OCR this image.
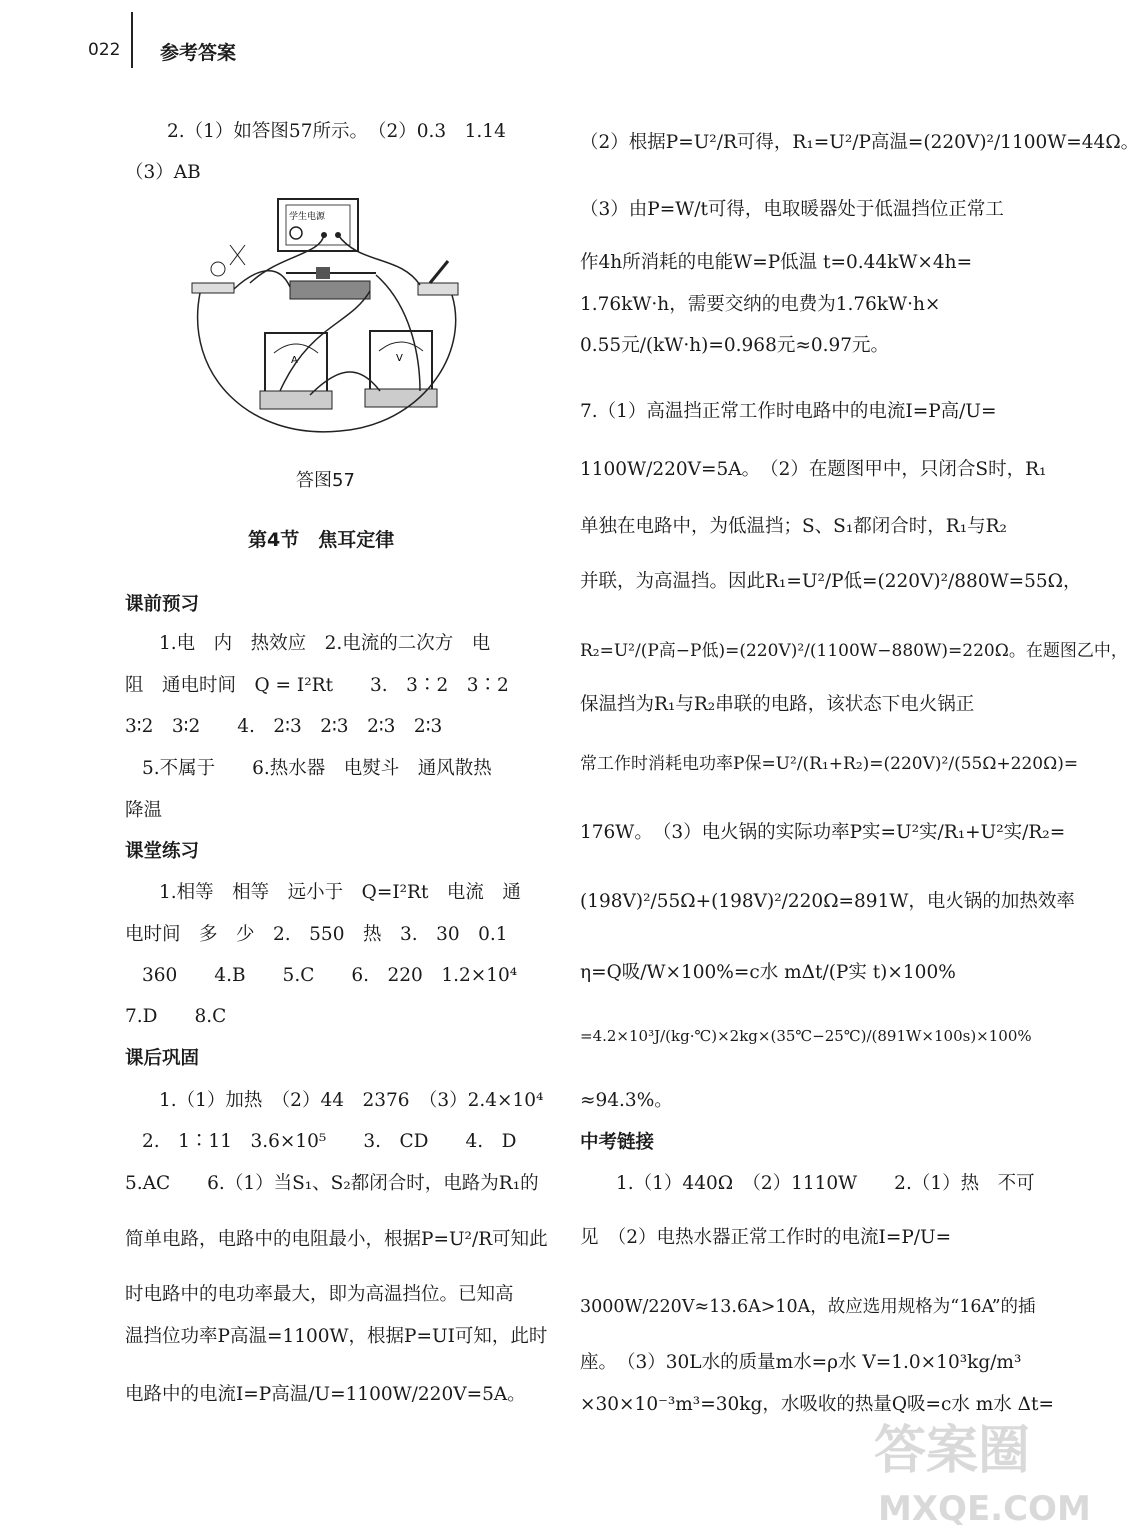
022 参考答案
2.（1）如答图57所示。　（2）0.3　1.14
（3）AB
课前预习
1.电　内　热效应　2.电流的二次方　电
阻　通电时间　Q = I²Rt　　3.　3∶2　3∶2
3∶2　3∶2　　4.　2∶3　2∶3　2∶3　2∶3
5.不属于　　6.热水器　电熨斗　通风散热
降温
课堂练习
1.相等　相等　远小于　Q=I²Rt　电流　通
电时间　多　少　2.　550　热　3.　30　0.1
360　　4.B　　5.C　　6.　220　1.2×10⁴
7.D　　8.C
课后巩固
1.（1）加热　（2）44　2376　（3）2.4×10⁴
2.　1∶11　3.6×10⁵　　3.　CD　　4.　D
5.AC　　6.（1）当S₁、S₂都闭合时，电路为R₁的
简单电路，电路中的电阻最小，根据P=U²/R可知此
时电路中的电功率最大，即为高温挡位。已知高
温挡位功率P高温=1100W，根据P=UI可知，此时
电路中的电流I=P高温/U=1100W/220V=5A。
学生电源
A	V
答图57
第4节　焦耳定律
（2）根据P=U²/R可得，R₁=U²/P高温=(220V)²/1100W=44Ω。
（3）由P=W/t可得，电取暖器处于低温挡位正常工
作4h所消耗的电能W=P低温 t=0.44kW×4h=
1.76kW·h，需要交纳的电费为1.76kW·h×
0.55元/(kW·h)=0.968元≈0.97元。
7.（1）高温挡正常工作时电路中的电流I=P高/U=
1100W/220V=5A。　（2）在题图甲中，只闭合S时，R₁
单独在电路中，为低温挡；S、S₁都闭合时，R₁与R₂
并联，为高温挡。因此R₁=U²/P低=(220V)²/880W=55Ω，
R₂=U²/(P高−P低)=(220V)²/(1100W−880W)=220Ω。在题图乙中，
保温挡为R₁与R₂串联的电路，该状态下电火锅正
常工作时消耗电功率P保=U²/(R₁+R₂)=(220V)²/(55Ω+220Ω)=
176W。　（3）电火锅的实际功率P实=U²实/R₁+U²实/R₂=
(198V)²/55Ω+(198V)²/220Ω=891W，电火锅的加热效率
η=Q吸/W×100%=c水 mΔt/(P实 t)×100%
=4.2×10³J/(kg·℃)×2kg×(35℃−25℃)/(891W×100s)×100%
≈94.3%。
中考链接
1.（1）440Ω　（2）1110W　　2.（1）热　不可
见　（2）电热水器正常工作时的电流I=P/U=
3000W/220V≈13.6A>10A，故应选用规格为“16A”的插
座。　（3）30L水的质量m水=ρ水 V=1.0×10³kg/m³
×30×10⁻³m³=30kg，水吸收的热量Q吸=c水 m水 Δt=
答案圈
MXQE.COM
